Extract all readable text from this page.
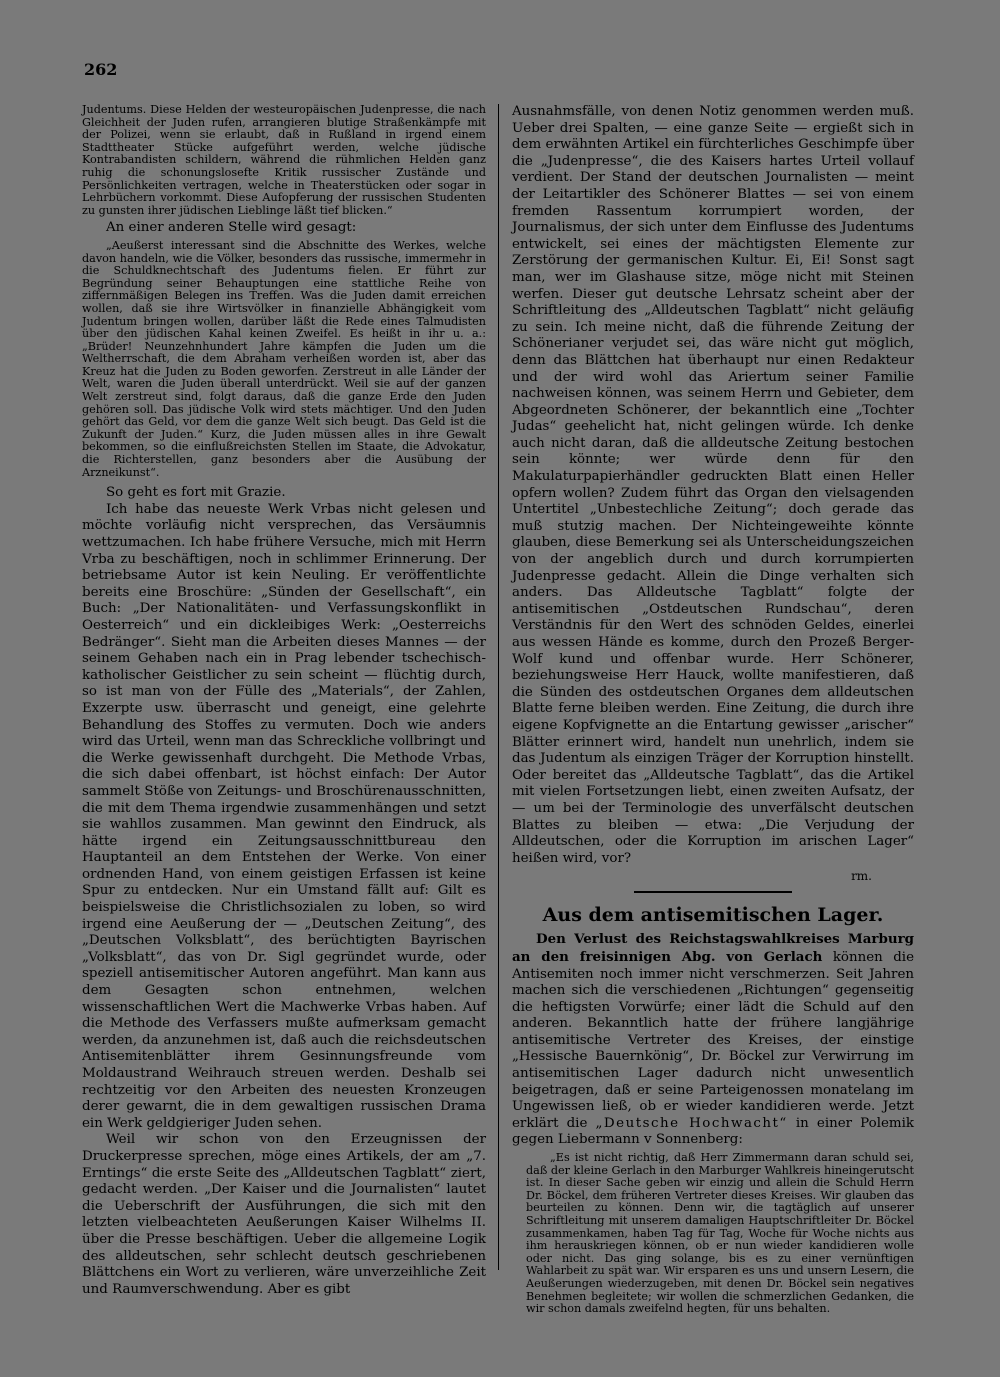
262

Judentums. Diese Helden der westeuropäischen Judenpresse, die nach Gleichheit der Juden rufen, arrangieren blutige Straßenkämpfe mit der Polizei, wenn sie erlaubt, daß in Rußland in irgend einem Stadttheater Stücke aufgeführt werden, welche jüdische Kontrabandisten schildern, während die rühmlichen Helden ganz ruhig die schonungslosefte Kritik russischer Zustände und Persönlichkeiten vertragen, welche in Theaterstücken oder sogar in Lehrbüchern vorkommt. Diese Aufopferung der russischen Studenten zu gunsten ihrer jüdischen Lieblinge läßt tief blicken.“

An einer anderen Stelle wird gesagt:

„Aeußerst interessant sind die Abschnitte des Werkes, welche davon handeln, wie die Völker, besonders das russische, immermehr in die Schuldknechtschaft des Judentums fielen. Er führt zur Begründung seiner Behauptungen eine stattliche Reihe von ziffernmäßigen Belegen ins Treffen. Was die Juden damit erreichen wollen, daß sie ihre Wirtsvölker in finanzielle Abhängigkeit vom Judentum bringen wollen, darüber läßt die Rede eines Talmudisten über den jüdischen Kahal keinen Zweifel. Es heißt in ihr u. a.: „Brüder! Neunzehnhundert Jahre kämpfen die Juden um die Weltherrschaft, die dem Abraham verheißen worden ist, aber das Kreuz hat die Juden zu Boden geworfen. Zerstreut in alle Länder der Welt, waren die Juden überall unterdrückt. Weil sie auf der ganzen Welt zerstreut sind, folgt daraus, daß die ganze Erde den Juden gehören soll. Das jüdische Volk wird stets mächtiger. Und den Juden gehört das Geld, vor dem die ganze Welt sich beugt. Das Geld ist die Zukunft der Juden.“ Kurz, die Juden müssen alles in ihre Gewalt bekommen, so die einflußreichsten Stellen im Staate, die Advokatur, die Richterstellen, ganz besonders aber die Ausübung der Arzneikunst“.

So geht es fort mit Grazie.

Ich habe das neueste Werk Vrbas nicht gelesen und möchte vorläufig nicht versprechen, das Versäumnis wettzumachen. Ich habe frühere Versuche, mich mit Herrn Vrba zu beschäftigen, noch in schlimmer Erinnerung. Der betriebsame Autor ist kein Neuling. Er veröffentlichte bereits eine Broschüre: „Sünden der Gesellschaft“, ein Buch: „Der Nationalitäten- und Verfassungskonflikt in Oesterreich“ und ein dickleibiges Werk: „Oesterreichs Bedränger“. Sieht man die Arbeiten dieses Mannes — der seinem Gehaben nach ein in Prag lebender tschechisch-katholischer Geistlicher zu sein scheint — flüchtig durch, so ist man von der Fülle des „Materials“, der Zahlen, Exzerpte usw. überrascht und geneigt, eine gelehrte Behandlung des Stoffes zu vermuten. Doch wie anders wird das Urteil, wenn man das Schreckliche vollbringt und die Werke gewissenhaft durchgeht. Die Methode Vrbas, die sich dabei offenbart, ist höchst einfach: Der Autor sammelt Stöße von Zeitungs- und Broschürenausschnitten, die mit dem Thema irgendwie zusammenhängen und setzt sie wahllos zusammen. Man gewinnt den Eindruck, als hätte irgend ein Zeitungsausschnittbureau den Hauptanteil an dem Entstehen der Werke. Von einer ordnenden Hand, von einem geistigen Erfassen ist keine Spur zu entdecken. Nur ein Umstand fällt auf: Gilt es beispielsweise die Christlichsozialen zu loben, so wird irgend eine Aeußerung der — „Deutschen Zeitung“, des „Deutschen Volksblatt“, des berüchtigten Bayrischen „Volksblatt“, das von Dr. Sigl gegründet wurde, oder speziell antisemitischer Autoren angeführt. Man kann aus dem Gesagten schon entnehmen, welchen wissenschaftlichen Wert die Machwerke Vrbas haben. Auf die Methode des Verfassers mußte aufmerksam gemacht werden, da anzunehmen ist, daß auch die reichsdeutschen Antisemitenblätter ihrem Gesinnungsfreunde vom Moldaustrand Weihrauch streuen werden. Deshalb sei rechtzeitig vor den Arbeiten des neuesten Kronzeugen derer gewarnt, die in dem gewaltigen russischen Drama ein Werk geldgieriger Juden sehen.

Weil wir schon von den Erzeugnissen der Druckerpresse sprechen, möge eines Artikels, der am „7. Erntings“ die erste Seite des „Alldeutschen Tagblatt“ ziert, gedacht werden. „Der Kaiser und die Journalisten“ lautet die Ueberschrift der Ausführungen, die sich mit den letzten vielbeachteten Aeußerungen Kaiser Wilhelms II. über die Presse beschäftigen. Ueber die allgemeine Logik des alldeutschen, sehr schlecht deutsch geschriebenen Blättchens ein Wort zu verlieren, wäre unverzeihliche Zeit und Raumverschwendung. Aber es gibt

Ausnahmsfälle, von denen Notiz genommen werden muß. Ueber drei Spalten, — eine ganze Seite — ergießt sich in dem erwähnten Artikel ein fürchterliches Geschimpfe über die „Judenpresse“, die des Kaisers hartes Urteil vollauf verdient. Der Stand der deutschen Journalisten — meint der Leitartikler des Schönerer Blattes — sei von einem fremden Rassentum korrumpiert worden, der Journalismus, der sich unter dem Einflusse des Judentums entwickelt, sei eines der mächtigsten Elemente zur Zerstörung der germanischen Kultur. Ei, Ei! Sonst sagt man, wer im Glashause sitze, möge nicht mit Steinen werfen. Dieser gut deutsche Lehrsatz scheint aber der Schriftleitung des „Alldeutschen Tagblatt“ nicht geläufig zu sein. Ich meine nicht, daß die führende Zeitung der Schönerianer verjudet sei, das wäre nicht gut möglich, denn das Blättchen hat überhaupt nur einen Redakteur und der wird wohl das Ariertum seiner Familie nachweisen können, was seinem Herrn und Gebieter, dem Abgeordneten Schönerer, der bekanntlich eine „Tochter Judas“ geehelicht hat, nicht gelingen würde. Ich denke auch nicht daran, daß die alldeutsche Zeitung bestochen sein könnte; wer würde denn für den Makulaturpapierhändler gedruckten Blatt einen Heller opfern wollen? Zudem führt das Organ den vielsagenden Untertitel „Unbestechliche Zeitung“; doch gerade das muß stutzig machen. Der Nichteingeweihte könnte glauben, diese Bemerkung sei als Unterscheidungszeichen von der angeblich durch und durch korrumpierten Judenpresse gedacht. Allein die Dinge verhalten sich anders. Das Alldeutsche Tagblatt“ folgte der antisemitischen „Ostdeutschen Rundschau“, deren Verständnis für den Wert des schnöden Geldes, einerlei aus wessen Hände es komme, durch den Prozeß Berger-Wolf kund und offenbar wurde. Herr Schönerer, beziehungsweise Herr Hauck, wollte manifestieren, daß die Sünden des ostdeutschen Organes dem alldeutschen Blatte ferne bleiben werden. Eine Zeitung, die durch ihre eigene Kopfvignette an die Entartung gewisser „arischer“ Blätter erinnert wird, handelt nun unehrlich, indem sie das Judentum als einzigen Träger der Korruption hinstellt. Oder bereitet das „Alldeutsche Tagblatt“, das die Artikel mit vielen Fortsetzungen liebt, einen zweiten Aufsatz, der — um bei der Terminologie des unverfälscht deutschen Blattes zu bleiben — etwa: „Die Verjudung der Alldeutschen, oder die Korruption im arischen Lager“ heißen wird, vor?

rm.

Aus dem antisemitischen Lager.

Den Verlust des Reichstagswahlkreises Marburg an den freisinnigen Abg. von Gerlach können die Antisemiten noch immer nicht verschmerzen. Seit Jahren machen sich die verschiedenen „Richtungen“ gegenseitig die heftigsten Vorwürfe; einer lädt die Schuld auf den anderen. Bekanntlich hatte der frühere langjährige antisemitische Vertreter des Kreises, der einstige „Hessische Bauernkönig“, Dr. Böckel zur Verwirrung im antisemitischen Lager dadurch nicht unwesentlich beigetragen, daß er seine Parteigenossen monatelang im Ungewissen ließ, ob er wieder kandidieren werde. Jetzt erklärt die „Deutsche Hochwacht“ in einer Polemik gegen Liebermann v Sonnenberg:

„Es ist nicht richtig, daß Herr Zimmermann daran schuld sei, daß der kleine Gerlach in den Marburger Wahlkreis hineingerutscht ist. In dieser Sache geben wir einzig und allein die Schuld Herrn Dr. Böckel, dem früheren Vertreter dieses Kreises. Wir glauben das beurteilen zu können. Denn wir, die tagtäglich auf unserer Schriftleitung mit unserem damaligen Hauptschriftleiter Dr. Böckel zusammenkamen, haben Tag für Tag, Woche für Woche nichts aus ihm herauskriegen können, ob er nun wieder kandidieren wolle oder nicht. Das ging solange, bis es zu einer vernünftigen Wahlarbeit zu spät war. Wir ersparen es uns und unsern Lesern, die Aeußerungen wiederzugeben, mit denen Dr. Böckel sein negatives Benehmen begleitete; wir wollen die schmerzlichen Gedanken, die wir schon damals zweifelnd hegten, für uns behalten.
